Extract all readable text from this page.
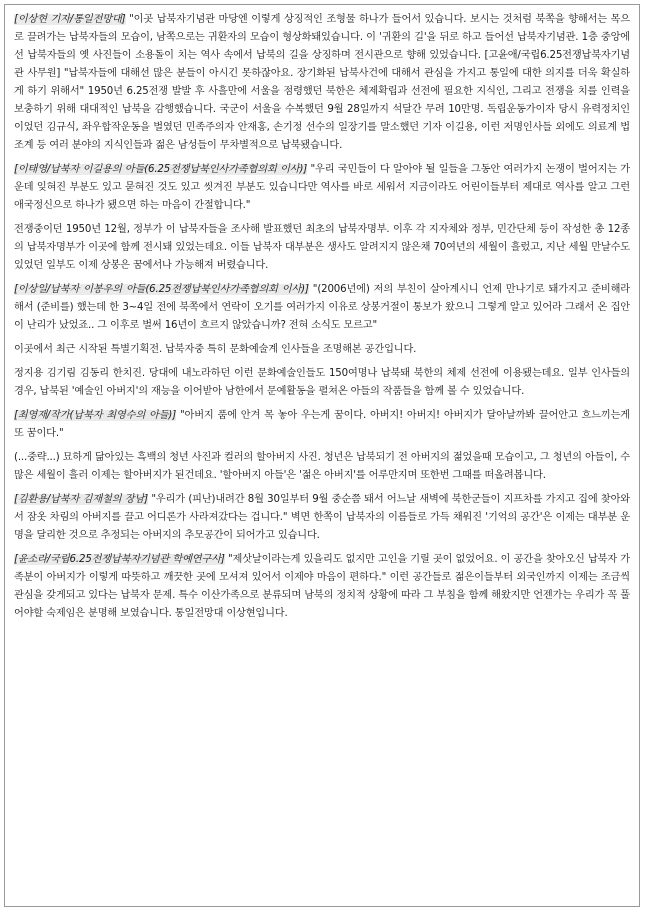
[이상현 기자/통일전망대] "이곳 납북자기념관 마당엔 이렇게 상징적인 조형물 하나가 들어서 있습니다. 보시는 것처럼 북쪽을 향해서는 목으로 끌려가는 납북자들의 모습이, 남쪽으로는 귀환자의 모습이 형상화돼있습니다. 이 '귀환의 길'을 뒤로 하고 들어선 납북자기념관. 1층 중앙에선 납북자들의 옛 사진들이 소용돌이 치는 역사 속에서 납북의 길을 상징하며 전시관으로 향해 있었습니다. [고윤애/국립6.25전쟁납북자기념관 사무원] "납북자들에 대해선 많은 분들이 아시긴 못하잖아요. 장기화된 납북사건에 대해서 관심을 가지고 통일에 대한 의지를 더욱 확실하게 하기 위해서" 1950년 6.25전쟁 발발 후 사흘만에 서울을 점령했던 북한은 체제확립과 선전에 필요한 지식인, 그리고 전쟁을 치를 인력을 보충하기 위해 대대적인 납북을 감행했습니다. 국군이 서울을 수복했던 9월 28일까지 석달간 무려 10만명. 독립운동가이자 당시 유력정치인이었던 김규식, 좌우합작운동을 벌였던 민족주의자 안재홍, 손기정 선수의 일장기를 말소했던 기자 이길용, 이런 저명인사들 외에도 의료계 법조계 등 여러 분야의 지식인들과 젊은 남성들이 무차별적으로 납북됐습니다.

[이태영/납북자 이길용의 아들(6.25전쟁납북인사가족협의회 이사)] "우리 국민들이 다 알아야 될 일들을 그동안 여러가지 논쟁이 벌어지는 가운데 잊혀진 부분도 있고 묻혀진 것도 있고 씻겨진 부분도 있습니다만 역사를 바로 세워서 지금이라도 어린이들부터 제대로 역사를 알고 그런 애국정신으로 하나가 됐으면 하는 마음이 간절합니다."

전쟁중이던 1950년 12월, 정부가 이 납북자들을 조사해 발표했던 최초의 납북자명부. 이후 각 지자체와 정부, 민간단체 등이 작성한 총 12종의 납북자명부가 이곳에 함께 전시돼 있었는데요. 이들 납북자 대부분은 생사도 알려지지 않은채 70여년의 세월이 흘렀고, 지난 세월 만날수도 있었던 일부도 이제 상봉은 꿈에서나 가능해져 버렸습니다.

[이상일/납북자 이봉우의 아들(6.25전쟁납북인사가족협의회 이사)] "(2006년에) 저의 부친이 살아계시니 언제 만나기로 돼가지고 준비해라 해서 (준비를) 했는데 한 3~4일 전에 북쪽에서 연락이 오기를 여러가지 이유로 상봉거절이 통보가 왔으니 그렇게 알고 있어라 그래서 온 집안이 난리가 났었죠.. 그 이후로 벌써 16년이 흐르지 않았습니까? 전혀 소식도 모르고"

이곳에서 최근 시작된 특별기획전. 납북자중 특히 문화예술계 인사들을 조명해본 공간입니다.

정지용 김기림 김동리 한치진. 당대에 내노라하던 이런 문화예술인들도 150여명나 납북돼 북한의 체제 선전에 이용됐는데요. 일부 인사들의 경우, 납북된 '예술인 아버지'의 재능을 이어받아 남한에서 문예활동을 펼쳐온 아들의 작품들을 함께 볼 수 있었습니다.

[최영재/작가(납북자 최영수의 아들)] "아버지 품에 안겨 목 놓아 우는게 꿈이다. 아버지! 아버지! 아버지가 달아날까봐 끌어안고 흐느끼는게 또 꿈이다."

(...중략...) 묘하게 닮아있는 흑백의 청년 사진과 컬러의 할아버지 사진. 청년은 납북되기 전 아버지의 젊었을때 모습이고, 그 청년의 아들이, 수많은 세월이 흘러 이제는 할아버지가 된건데요. '할아버지 아들'은 '젊은 아버지'를 어루만지며 또한번 그때를 떠올려봅니다.

[김환용/납북자 김재철의 장남] "우리가 (피난)내려간 8월 30일부터 9월 중순쯤 돼서 어느날 새벽에 북한군들이 지프차를 가지고 집에 찾아와서 잠옷 차림의 아버지를 끌고 어디론가 사라져갔다는 겁니다." 벽면 한쪽이 납북자의 이름들로 가득 채워진 '기억의 공간'은 이제는 대부분 운명을 달리한 것으로 추정되는 아버지의 추모공간이 되어가고 있습니다.

[윤소라/국립6.25전쟁납북자기념관 학예연구사] "제삿날이라는게 있을리도 없지만 고인을 기릴 곳이 없었어요. 이 공간을 찾아오신 납북자 가족분이 아버지가 이렇게 따뜻하고 깨끗한 곳에 모셔져 있어서 이제야 마음이 편하다." 이런 공간들로 젊은이들부터 외국인까지 이제는 조금씩 관심을 갖게되고 있다는 납북자 문제. 특수 이산가족으로 분류되며 남북의 정치적 상황에 따라 그 부침을 함께 해왔지만 언젠가는 우리가 꼭 풀어야할 숙제임은 분명해 보였습니다. 통일전망대 이상현입니다.
